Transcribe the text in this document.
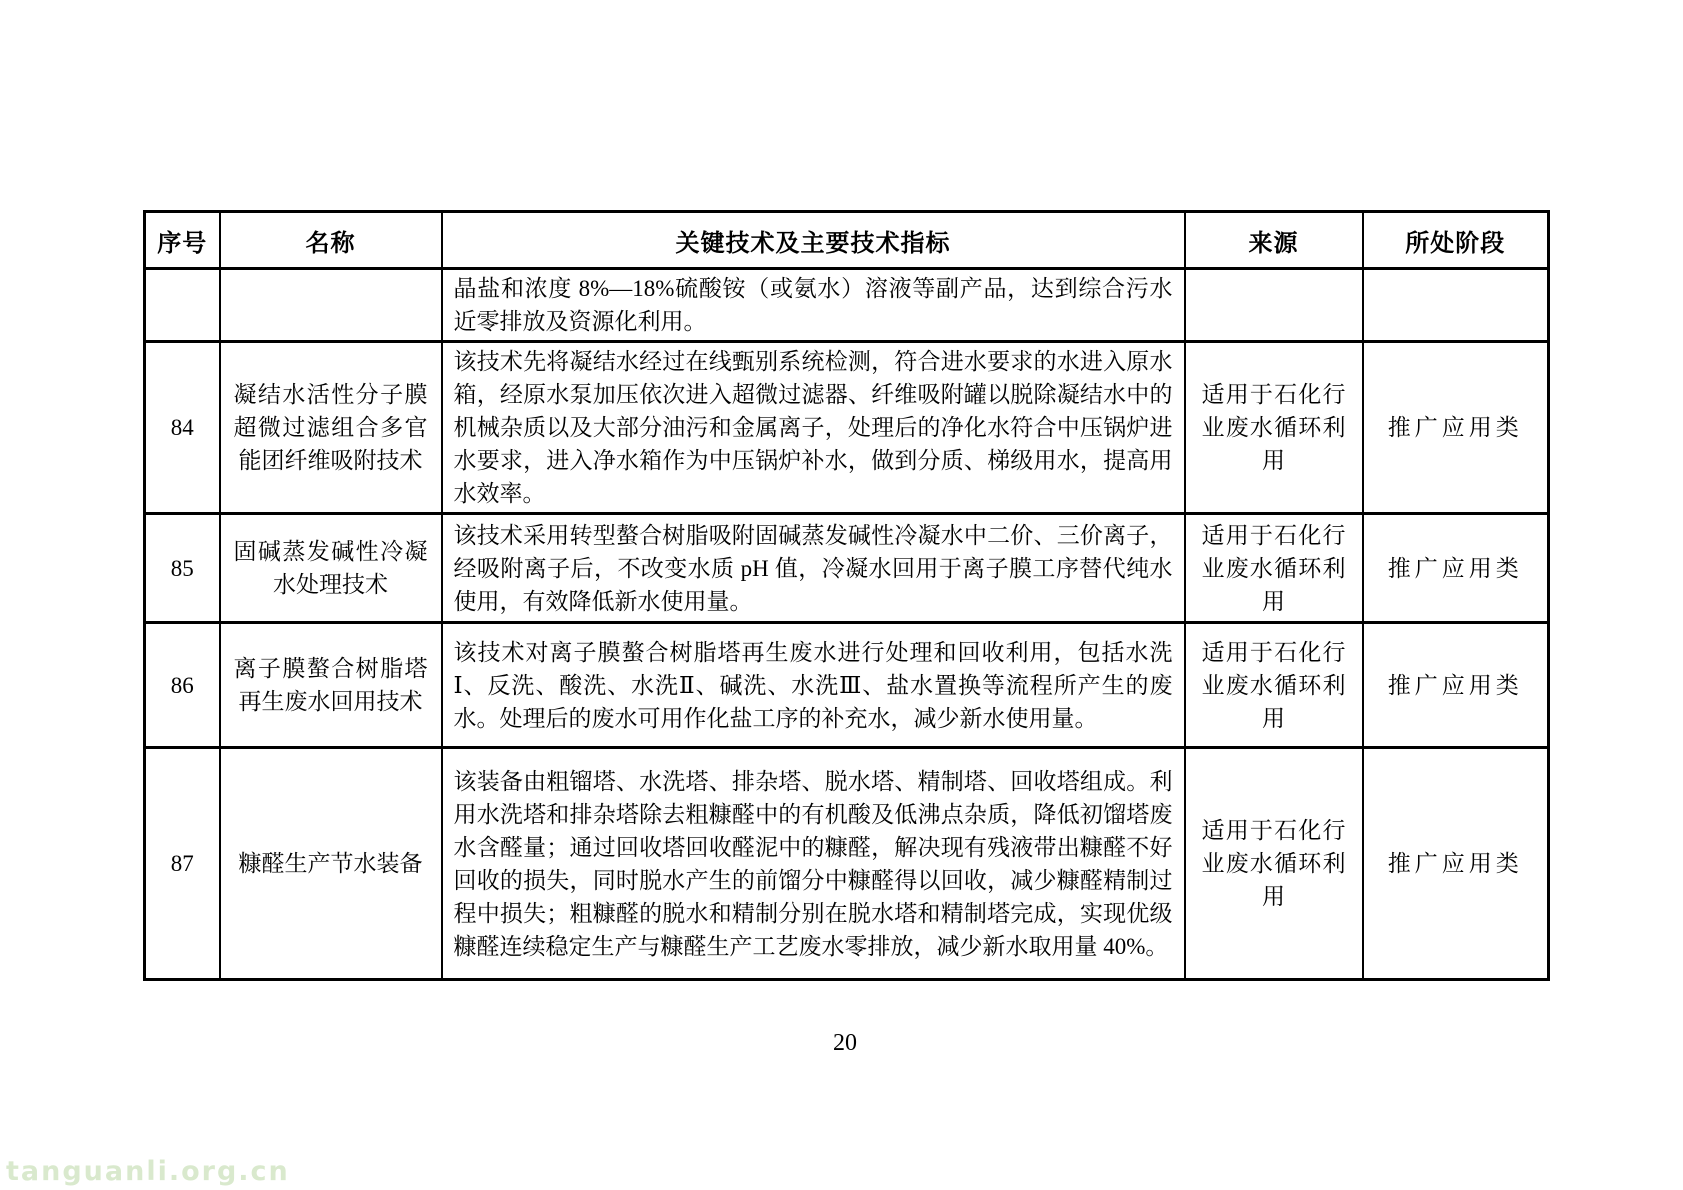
序号	名称	关键技术及主要技术指标	来源	所处阶段
		晶盐和浓度 8%—18%硫酸铵（或氨水）溶液等副产品，达到综合污水近零排放及资源化利用。		
84	凝结水活性分子膜超微过滤组合多官能团纤维吸附技术	该技术先将凝结水经过在线甄别系统检测，符合进水要求的水进入原水箱，经原水泵加压依次进入超微过滤器、纤维吸附罐以脱除凝结水中的机械杂质以及大部分油污和金属离子，处理后的净化水符合中压锅炉进水要求，进入净水箱作为中压锅炉补水，做到分质、梯级用水，提高用水效率。	适用于石化行业废水循环利用	推广应用类
85	固碱蒸发碱性冷凝水处理技术	该技术采用转型螯合树脂吸附固碱蒸发碱性冷凝水中二价、三价离子，经吸附离子后，不改变水质 pH 值，冷凝水回用于离子膜工序替代纯水使用，有效降低新水使用量。	适用于石化行业废水循环利用	推广应用类
86	离子膜螯合树脂塔再生废水回用技术	该技术对离子膜螯合树脂塔再生废水进行处理和回收利用，包括水洗Ⅰ、反洗、酸洗、水洗Ⅱ、碱洗、水洗Ⅲ、盐水置换等流程所产生的废水。处理后的废水可用作化盐工序的补充水，减少新水使用量。	适用于石化行业废水循环利用	推广应用类
87	糠醛生产节水装备	该装备由粗镏塔、水洗塔、排杂塔、脱水塔、精制塔、回收塔组成。利用水洗塔和排杂塔除去粗糠醛中的有机酸及低沸点杂质，降低初馏塔废水含醛量；通过回收塔回收醛泥中的糠醛，解决现有残液带出糠醛不好回收的损失，同时脱水产生的前馏分中糠醛得以回收，减少糠醛精制过程中损失；粗糠醛的脱水和精制分别在脱水塔和精制塔完成，实现优级糠醛连续稳定生产与糠醛生产工艺废水零排放，减少新水取用量 40%。	适用于石化行业废水循环利用	推广应用类
20
tanguanli.org.cn
